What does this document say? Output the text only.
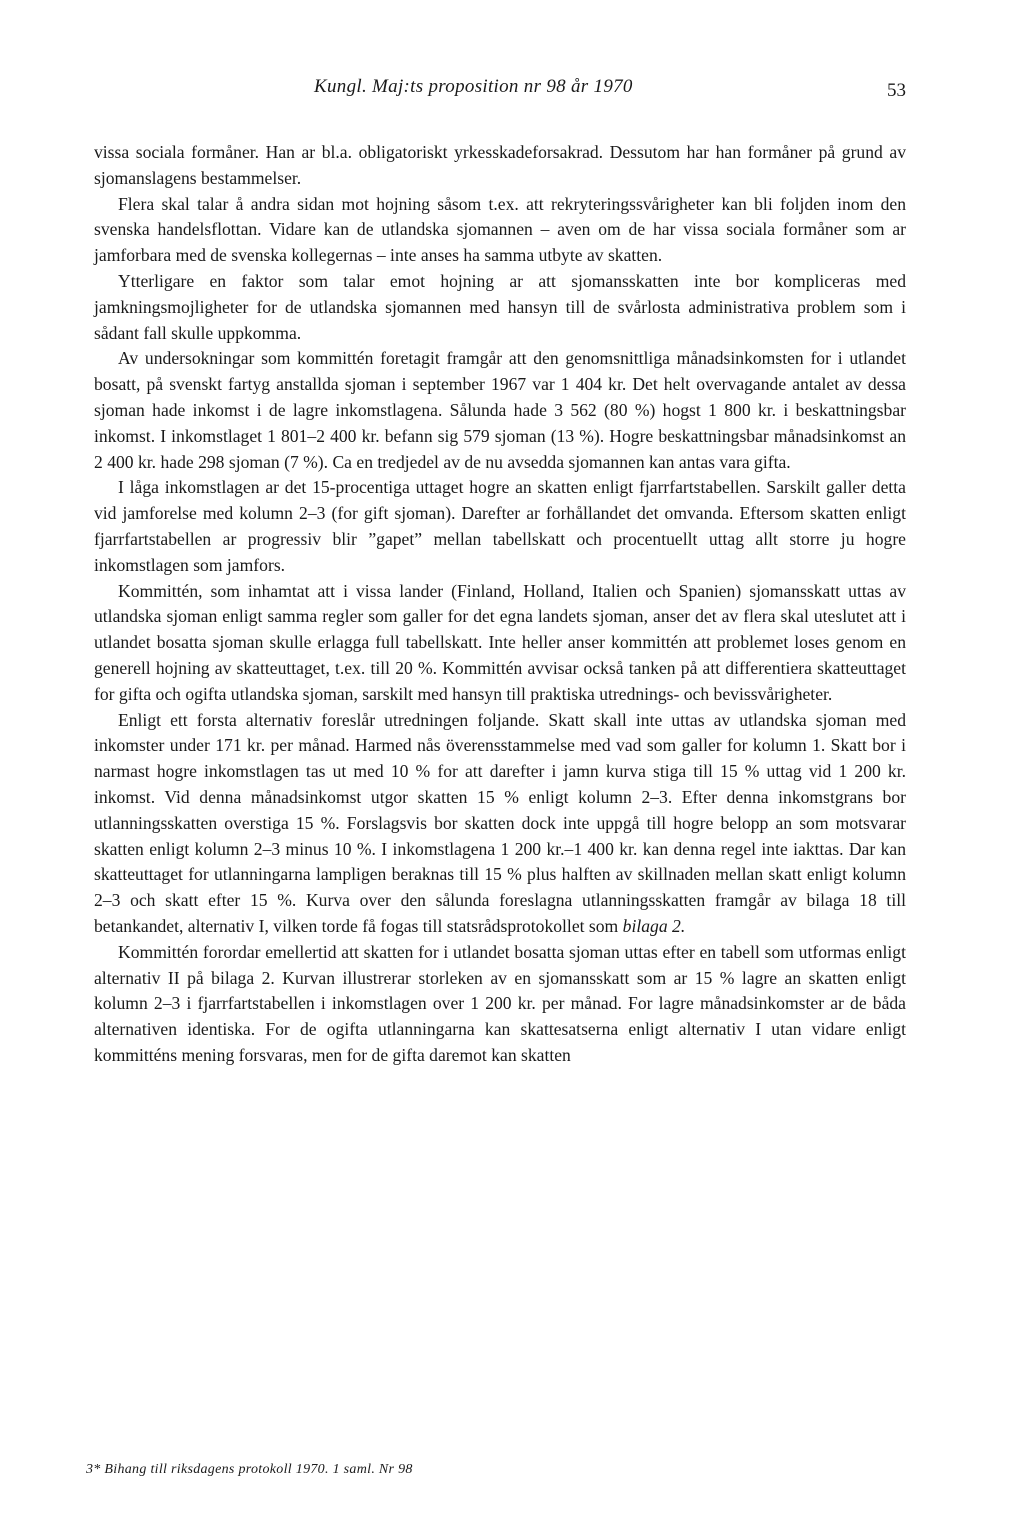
Kungl. Maj:ts proposition nr 98 år 1970	53

vissa sociala formåner. Han ar bl.a. obligatoriskt yrkesskadeforsakrad. Dessutom har han formåner på grund av sjomanslagens bestammelser.

Flera skal talar å andra sidan mot hojning såsom t.ex. att rekryteringssvårigheter kan bli foljden inom den svenska handelsflottan. Vidare kan de utlandska sjomannen – aven om de har vissa sociala formåner som ar jamforbara med de svenska kollegernas – inte anses ha samma utbyte av skatten.

Ytterligare en faktor som talar emot hojning ar att sjomansskatten inte bor kompliceras med jamkningsmojligheter for de utlandska sjomannen med hansyn till de svårlosta administrativa problem som i sådant fall skulle uppkomma.

Av undersokningar som kommittén foretagit framgår att den genomsnittliga månadsinkomsten for i utlandet bosatt, på svenskt fartyg anstallda sjoman i september 1967 var 1 404 kr. Det helt overvagande antalet av dessa sjoman hade inkomst i de lagre inkomstlagena. Sålunda hade 3 562 (80 %) hogst 1 800 kr. i beskattningsbar inkomst. I inkomstlaget 1 801–2 400 kr. befann sig 579 sjoman (13 %). Hogre beskattningsbar månadsinkomst an 2 400 kr. hade 298 sjoman (7 %). Ca en tredjedel av de nu avsedda sjomannen kan antas vara gifta.

I låga inkomstlagen ar det 15-procentiga uttaget hogre an skatten enligt fjarrfartstabellen. Sarskilt galler detta vid jamforelse med kolumn 2–3 (for gift sjoman). Darefter ar forhållandet det omvanda. Eftersom skatten enligt fjarrfartstabellen ar progressiv blir ”gapet” mellan tabellskatt och procentuellt uttag allt storre ju hogre inkomstlagen som jamfors.

Kommittén, som inhamtat att i vissa lander (Finland, Holland, Italien och Spanien) sjomansskatt uttas av utlandska sjoman enligt samma regler som galler for det egna landets sjoman, anser det av flera skal uteslutet att i utlandet bosatta sjoman skulle erlagga full tabellskatt. Inte heller anser kommittén att problemet loses genom en generell hojning av skatteuttaget, t.ex. till 20 %. Kommittén avvisar också tanken på att differentiera skatteuttaget for gifta och ogifta utlandska sjoman, sarskilt med hansyn till praktiska utrednings- och bevissvårigheter.

Enligt ett forsta alternativ foreslår utredningen foljande. Skatt skall inte uttas av utlandska sjoman med inkomster under 171 kr. per månad. Harmed nås överensstammelse med vad som galler for kolumn 1. Skatt bor i narmast hogre inkomstlagen tas ut med 10 % for att darefter i jamn kurva stiga till 15 % uttag vid 1 200 kr. inkomst. Vid denna månadsinkomst utgor skatten 15 % enligt kolumn 2–3. Efter denna inkomstgrans bor utlanningsskatten overstiga 15 %. Forslagsvis bor skatten dock inte uppgå till hogre belopp an som motsvarar skatten enligt kolumn 2–3 minus 10 %. I inkomstlagena 1 200 kr.–1 400 kr. kan denna regel inte iakttas. Dar kan skatteuttaget for utlanningarna lampligen beraknas till 15 % plus halften av skillnaden mellan skatt enligt kolumn 2–3 och skatt efter 15 %. Kurva over den sålunda foreslagna utlanningsskatten framgår av bilaga 18 till betankandet, alternativ I, vilken torde få fogas till statsrådsprotokollet som bilaga 2.

Kommittén forordar emellertid att skatten for i utlandet bosatta sjoman uttas efter en tabell som utformas enligt alternativ II på bilaga 2. Kurvan illustrerar storleken av en sjomansskatt som ar 15 % lagre an skatten enligt kolumn 2–3 i fjarrfartstabellen i inkomstlagen over 1 200 kr. per månad. For lagre månadsinkomster ar de båda alternativen identiska. For de ogifta utlanningarna kan skattesatserna enligt alternativ I utan vidare enligt kommitténs mening forsvaras, men for de gifta daremot kan skatten

3* Bihang till riksdagens protokoll 1970. 1 saml. Nr 98
